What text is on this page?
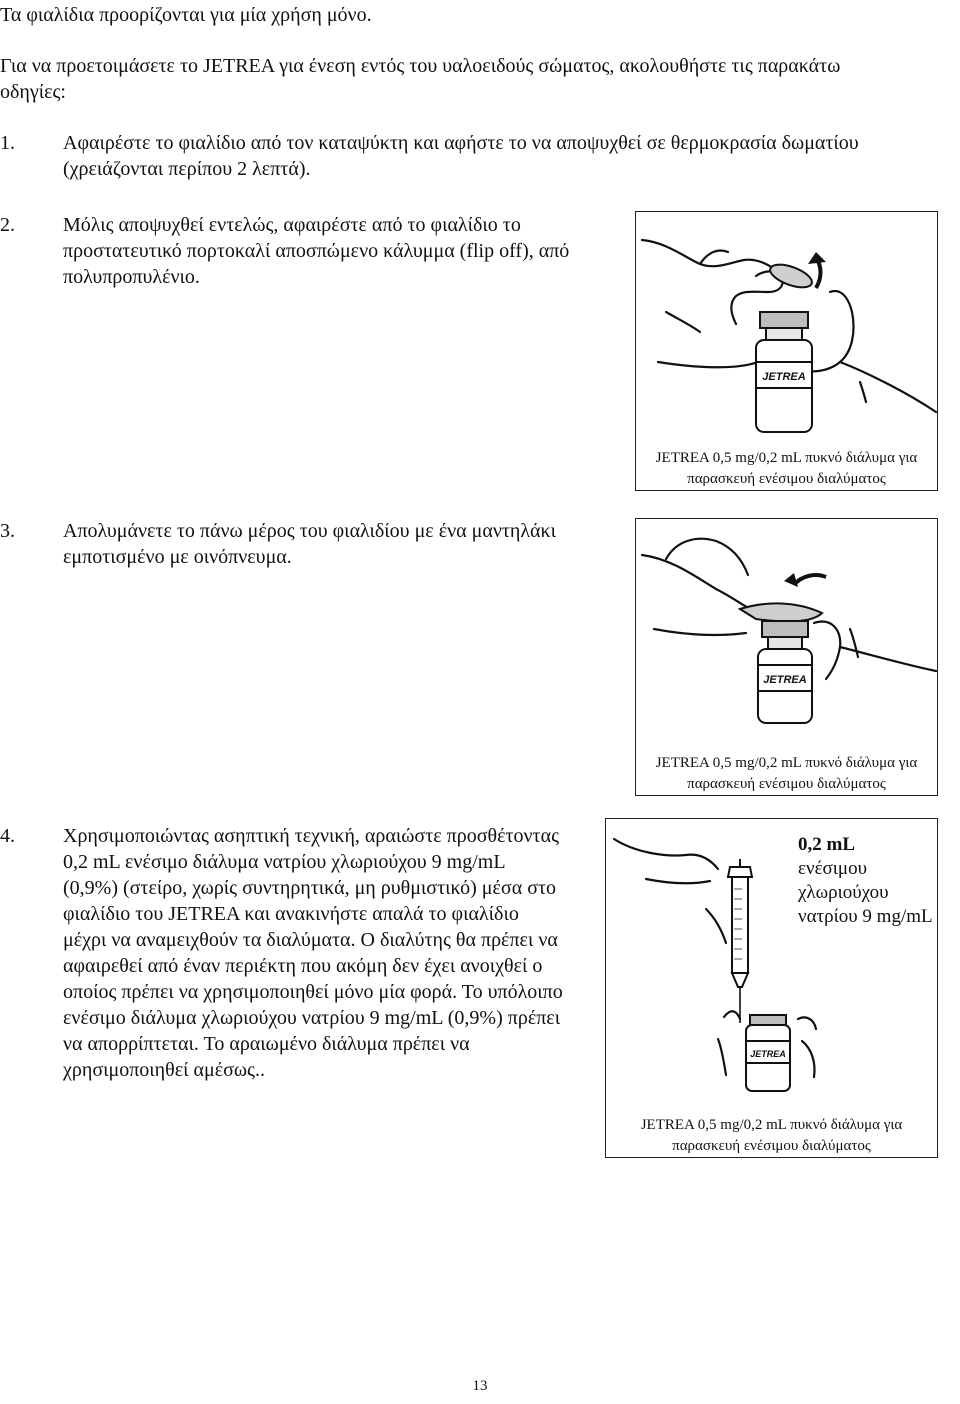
Τα φιαλίδια προορίζονται για μία χρήση μόνο.

Για να προετοιμάσετε το JETREA για ένεση εντός του υαλοειδούς σώματος, ακολουθήστε τις παρακάτω οδηγίες:

1. Αφαιρέστε το φιαλίδιο από τον καταψύκτη και αφήστε το να αποψυχθεί σε θερμοκρασία δωματίου (χρειάζονται περίπου 2 λεπτά).

2. Μόλις αποψυχθεί εντελώς, αφαιρέστε από το φιαλίδιο το προστατευτικό πορτοκαλί αποσπώμενο κάλυμμα (flip off), από πολυπροπυλένιο.

JETREA
JETREA 0,5 mg/0,2 mL πυκνό διάλυμα για
παρασκευή ενέσιμου διαλύματος
3. Απολυμάνετε το πάνω μέρος του φιαλιδίου με ένα μαντηλάκι εμποτισμένο με οινόπνευμα.

JETREA
JETREA 0,5 mg/0,2 mL πυκνό διάλυμα για
παρασκευή ενέσιμου διαλύματος
4. Χρησιμοποιώντας ασηπτική τεχνική, αραιώστε προσθέτοντας 0,2 mL ενέσιμο διάλυμα νατρίου χλωριούχου 9 mg/mL (0,9%) (στείρο, χωρίς συντηρητικά, μη ρυθμιστικό) μέσα στο φιαλίδιο του JETREA και ανακινήστε απαλά το φιαλίδιο μέχρι να αναμειχθούν τα διαλύματα. Ο διαλύτης θα πρέπει να αφαιρεθεί από έναν περιέκτη που ακόμη δεν έχει ανοιχθεί ο οποίος πρέπει να χρησιμοποιηθεί μόνο μία φορά. Το υπόλοιπο ενέσιμο διάλυμα χλωριούχου νατρίου 9 mg/mL (0,9%) πρέπει να απορρίπτεται. Το αραιωμένο διάλυμα πρέπει να χρησιμοποιηθεί αμέσως..

JETREA
0,2 mL
ενέσιμου χλωριούχου νατρίου 9 mg/mL
JETREA 0,5 mg/0,2 mL πυκνό διάλυμα για
παρασκευή ενέσιμου διαλύματος
13
